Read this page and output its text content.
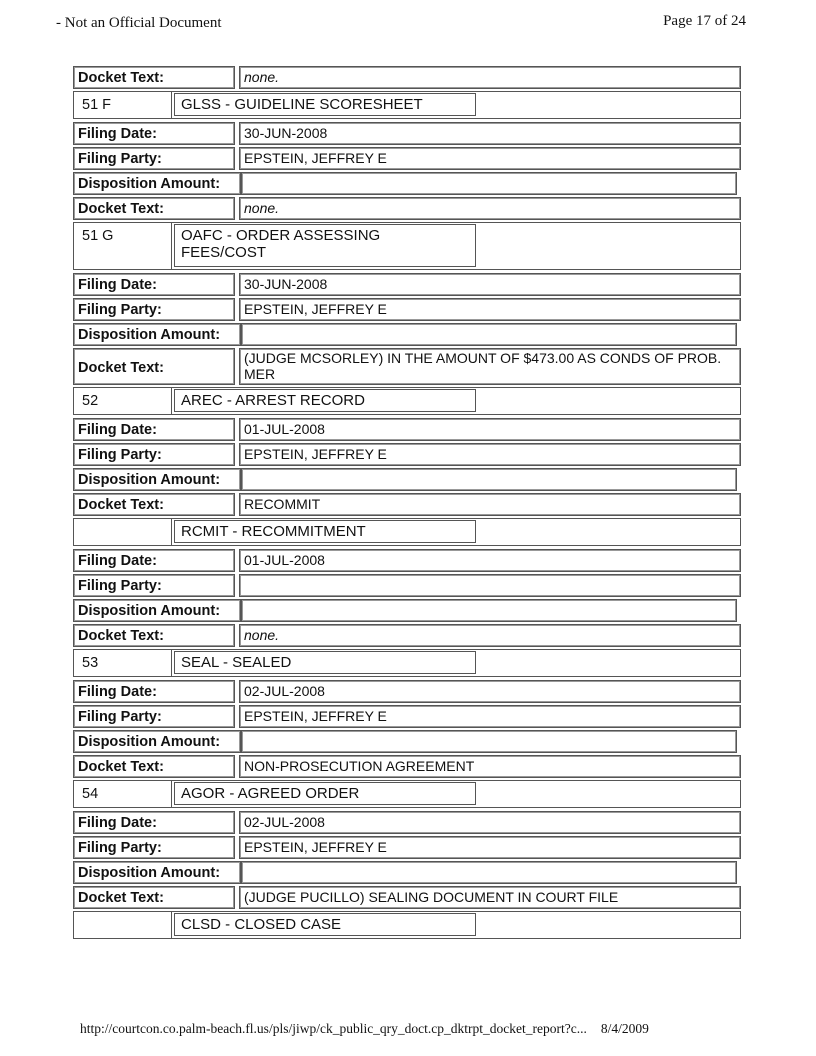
- Not an Official Document	Page 17 of 24
Docket Text:	none.
51 F	GLSS - GUIDELINE SCORESHEET
Filing Date:	30-JUN-2008
Filing Party:	EPSTEIN, JEFFREY E
Disposition Amount:
Docket Text:	none.
51 G	OAFC - ORDER ASSESSING FEES/COST
Filing Date:	30-JUN-2008
Filing Party:	EPSTEIN, JEFFREY E
Disposition Amount:
Docket Text:
(JUDGE MCSORLEY) IN THE AMOUNT OF $473.00 AS CONDS OF PROB. MER
52	AREC - ARREST RECORD
Filing Date:	01-JUL-2008
Filing Party:	EPSTEIN, JEFFREY E
Disposition Amount:
Docket Text:	RECOMMIT
RCMIT - RECOMMITMENT
Filing Date:	01-JUL-2008
Filing Party:
Disposition Amount:
Docket Text:	none.
53	SEAL - SEALED
Filing Date:	02-JUL-2008
Filing Party:	EPSTEIN, JEFFREY E
Disposition Amount:
Docket Text:	NON-PROSECUTION AGREEMENT
54	AGOR - AGREED ORDER
Filing Date:	02-JUL-2008
Filing Party:	EPSTEIN, JEFFREY E
Disposition Amount:
Docket Text:	(JUDGE PUCILLO) SEALING DOCUMENT IN COURT FILE
CLSD - CLOSED CASE
http://courtcon.co.palm-beach.fl.us/pls/jiwp/ck_public_qry_doct.cp_dktrpt_docket_report?c... 8/4/2009
